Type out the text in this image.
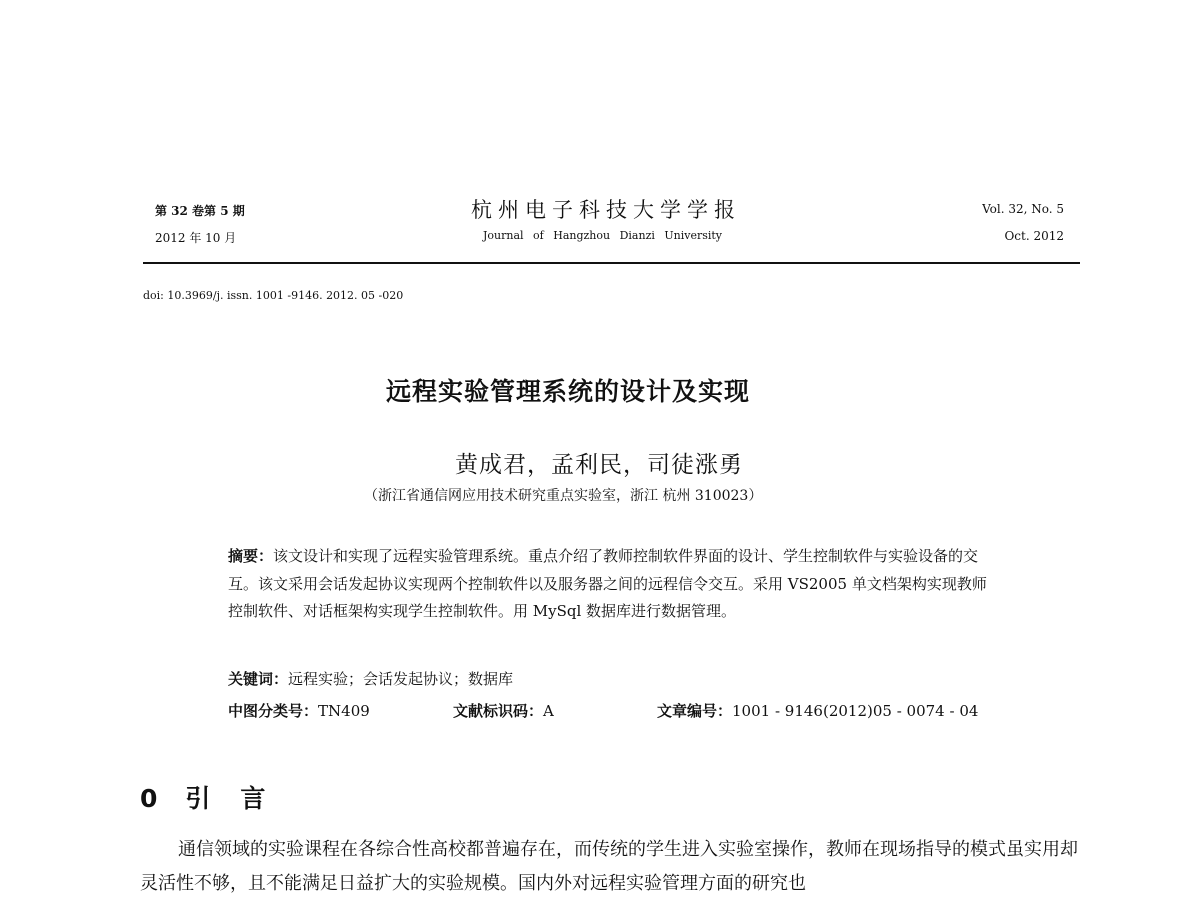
第 32 卷第 5 期
2012 年 10 月
杭州电子科技大学学报
Journal of Hangzhou Dianzi University
Vol. 32, No. 5
Oct. 2012
doi: 10.3969/j. issn. 1001 -9146. 2012. 05 -020
远程实验管理系统的设计及实现
黄成君，孟利民，司徒涨勇
（浙江省通信网应用技术研究重点实验室，浙江 杭州 310023）
摘要：该文设计和实现了远程实验管理系统。重点介绍了教师控制软件界面的设计、学生控制软件与实验设备的交互。该文采用会话发起协议实现两个控制软件以及服务器之间的远程信令交互。采用 VS2005 单文档架构实现教师控制软件、对话框架构实现学生控制软件。用 MySql 数据库进行数据管理。
关键词：远程实验；会话发起协议；数据库
中图分类号：TN409	文献标识码：A	文章编号：1001 - 9146(2012)05 - 0074 - 04
0 引言
通信领域的实验课程在各综合性高校都普遍存在，而传统的学生进入实验室操作，教师在现场指导的模式虽实用却灵活性不够，且不能满足日益扩大的实验规模。国内外对远程实验管理方面的研究也
